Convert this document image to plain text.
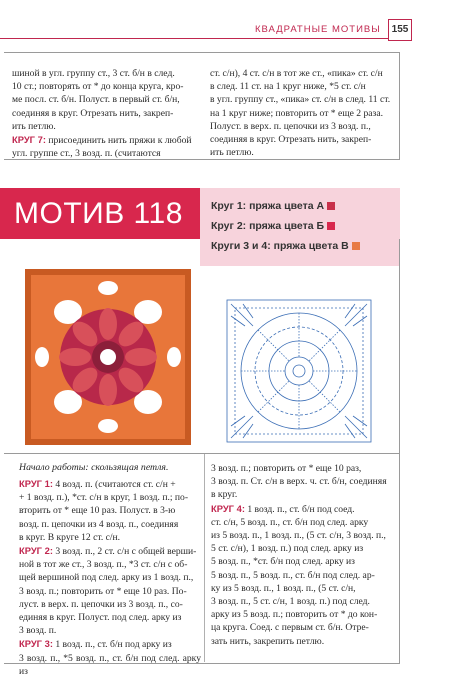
КВАДРАТНЫЕ МОТИВЫ	155

шиной в угл. группу ст., 3 ст. б/н в след.

10 ст.; повторять от * до конца круга, кро-

ме посл. ст. б/н. Полуст. в первый ст. б/н,

соединяя в круг. Отрезать нить, закреп-

ить петлю.

КРУГ 7: присоединить нить пряжи к любой

угл. группе ст., 3 возд. п. (считаются

ст. с/н), 4 ст. с/н в тот же ст., «пика» ст. с/н

в след. 11 ст. на 1 круг ниже, *5 ст. с/н

в угл. группу ст., «пика» ст. с/н в след. 11 ст.

на 1 круг ниже; повторить от * еще 2 раза.

Полуст. в верх. п. цепочки из 3 возд. п.,

соединяя в круг. Отрезать нить, закреп-

ить петлю.

МОТИВ 118	Круг 1: пряжа цвета А
Круг 2: пряжа цвета Б
Круги 3 и 4: пряжа цвета В
Начало работы: скользящая петля.

КРУГ 1: 4 возд. п. (считаются ст. с/н +

+ 1 возд. п.), *ст. с/н в круг, 1 возд. п.; по-

вторить от * еще 10 раз. Полуст. в 3-ю

возд. п. цепочки из 4 возд. п., соединяя

в круг. В круге 12 ст. с/н.

КРУГ 2: 3 возд. п., 2 ст. с/н с общей верши-

ной в тот же ст., 3 возд. п., *3 ст. с/н с об-

щей вершиной под след. арку из 1 возд. п.,

3 возд. п.; повторить от * еще 10 раз. По-

луст. в верх. п. цепочки из 3 возд. п., со-

единяя в круг. Полуст. под след. арку из

3 возд. п.

КРУГ 3: 1 возд. п., ст. б/н под арку из

3 возд. п., *5 возд. п., ст. б/н под след. арку из

3 возд. п.; повторить от * еще 10 раз,

3 возд. п. Ст. с/н в верх. ч. ст. б/н, соединяя

в круг.

КРУГ 4: 1 возд. п., ст. б/н под соед.

ст. с/н, 5 возд. п., ст. б/н под след. арку

из 5 возд. п., 1 возд. п., (5 ст. с/н, 3 возд. п.,

5 ст. с/н), 1 возд. п.) под след. арку из

5 возд. п., *ст. б/н под след. арку из

5 возд. п., 5 возд. п., ст. б/н под след. ар-

ку из 5 возд. п., 1 возд. п., (5 ст. с/н,

3 возд. п., 5 ст. с/н, 1 возд. п.) под след.

арку из 5 возд. п.; повторить от * до кон-

ца круга. Соед. с первым ст. б/н. Отре-

зать нить, закрепить петлю.
